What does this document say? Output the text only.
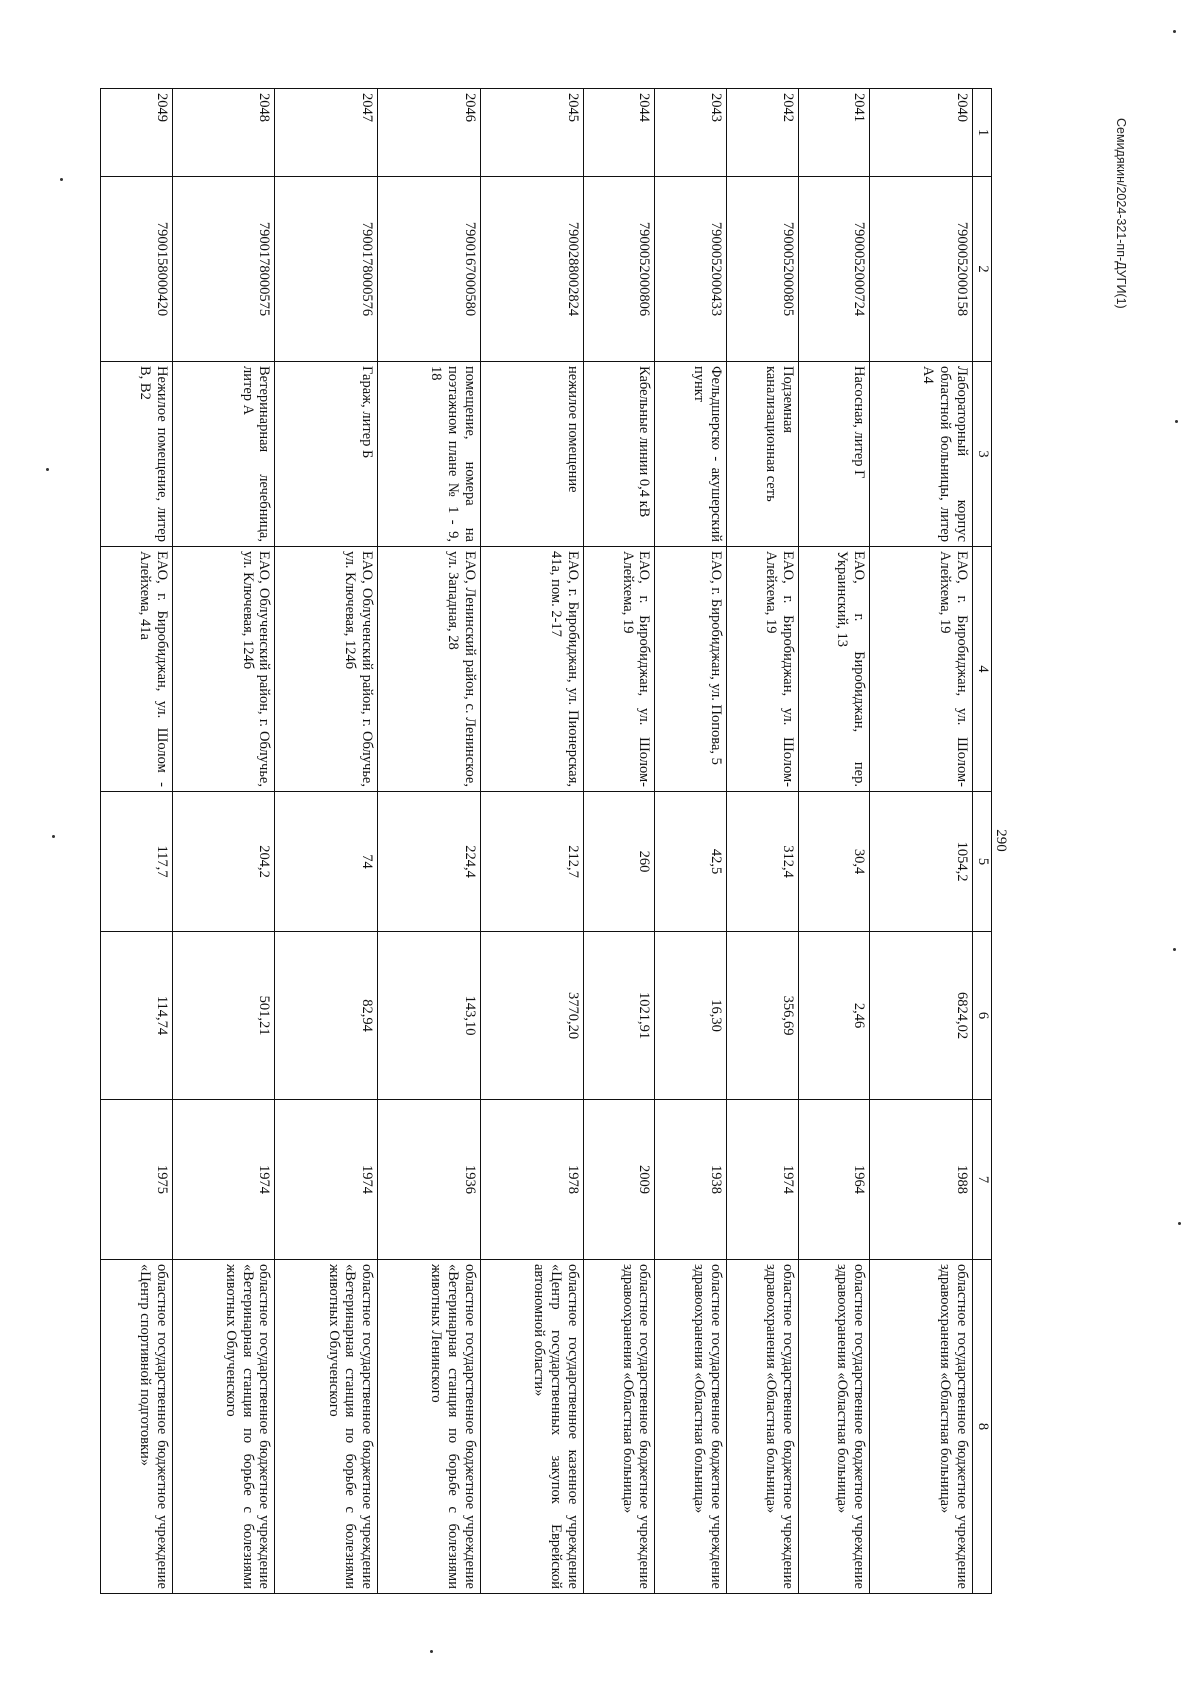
290
1	2	3	4	5	6	7	8
2040	7900052000158	Лабораторный корпус областной больницы, литер А4	ЕАО, г. Биробиджан, ул. Шолом-Алейхема, 19	1054,2	6824,02	1988	областное государственное бюджетное учреждение здравоохранения «Областная больница»
2041	7900052000724	Насосная, литер Г	ЕАО, г. Биробиджан, пер. Украинский, 13	30,4	2,46	1964	областное государственное бюджетное учреждение здравоохранения «Областная больница»
2042	7900052000805	Подземная канализационная сеть	ЕАО, г. Биробиджан, ул. Шолом-Алейхема, 19	312,4	356,69	1974	областное государственное бюджетное учреждение здравоохранения «Областная больница»
2043	7900052000433	Фельдшерско - акушерский пункт	ЕАО, г. Биробиджан, ул. Попова, 5	42,5	16,30	1938	областное государственное бюджетное учреждение здравоохранения «Областная больница»
2044	7900052000806	Кабельные линии 0,4 кВ	ЕАО, г. Биробиджан, ул. Шолом-Алейхема, 19	260	1021,91	2009	областное государственное бюджетное учреждение здравоохранения «Областная больница»
2045	7900288002824	нежилое помещение	ЕАО, г. Биробиджан, ул. Пионерская, 41а, пом. 2-17	212,7	3770,20	1978	областное государственное казенное учреждение «Центр государственных закупок Еврейской автономной области»
2046	7900167000580	помещение, номера на поэтажном плане № 1 - 9, 18	ЕАО, Ленинский район, с. Ленинское, ул. Западная, 28	224,4	143,10	1936	областное государственное бюджетное учреждение «Ветеринарная станция по борьбе с болезнями животных Ленинского
2047	7900178000576	Гараж, литер Б	ЕАО, Облученский район, г. Облучье, ул. Ключевая, 124б	74	82,94	1974	областное государственное бюджетное учреждение «Ветеринарная станция по борьбе с болезнями животных Облученского
2048	7900178000575	Ветеринарная лечебница, литер А	ЕАО, Облученский район, г. Облучье, ул. Ключевая, 124б	204,2	501,21	1974	областное государственное бюджетное учреждение «Ветеринарная станция по борьбе с болезнями животных Облученского
2049	7900158000420	Нежилое помещение, литер В, В2	ЕАО, г. Биробиджан, ул. Шолом - Алейхема, 41а	117,7	114,74	1975	областное государственное бюджетное учреждение «Центр спортивной подготовки»
Семидякин/2024-321-пп-ДУГИ(1)
